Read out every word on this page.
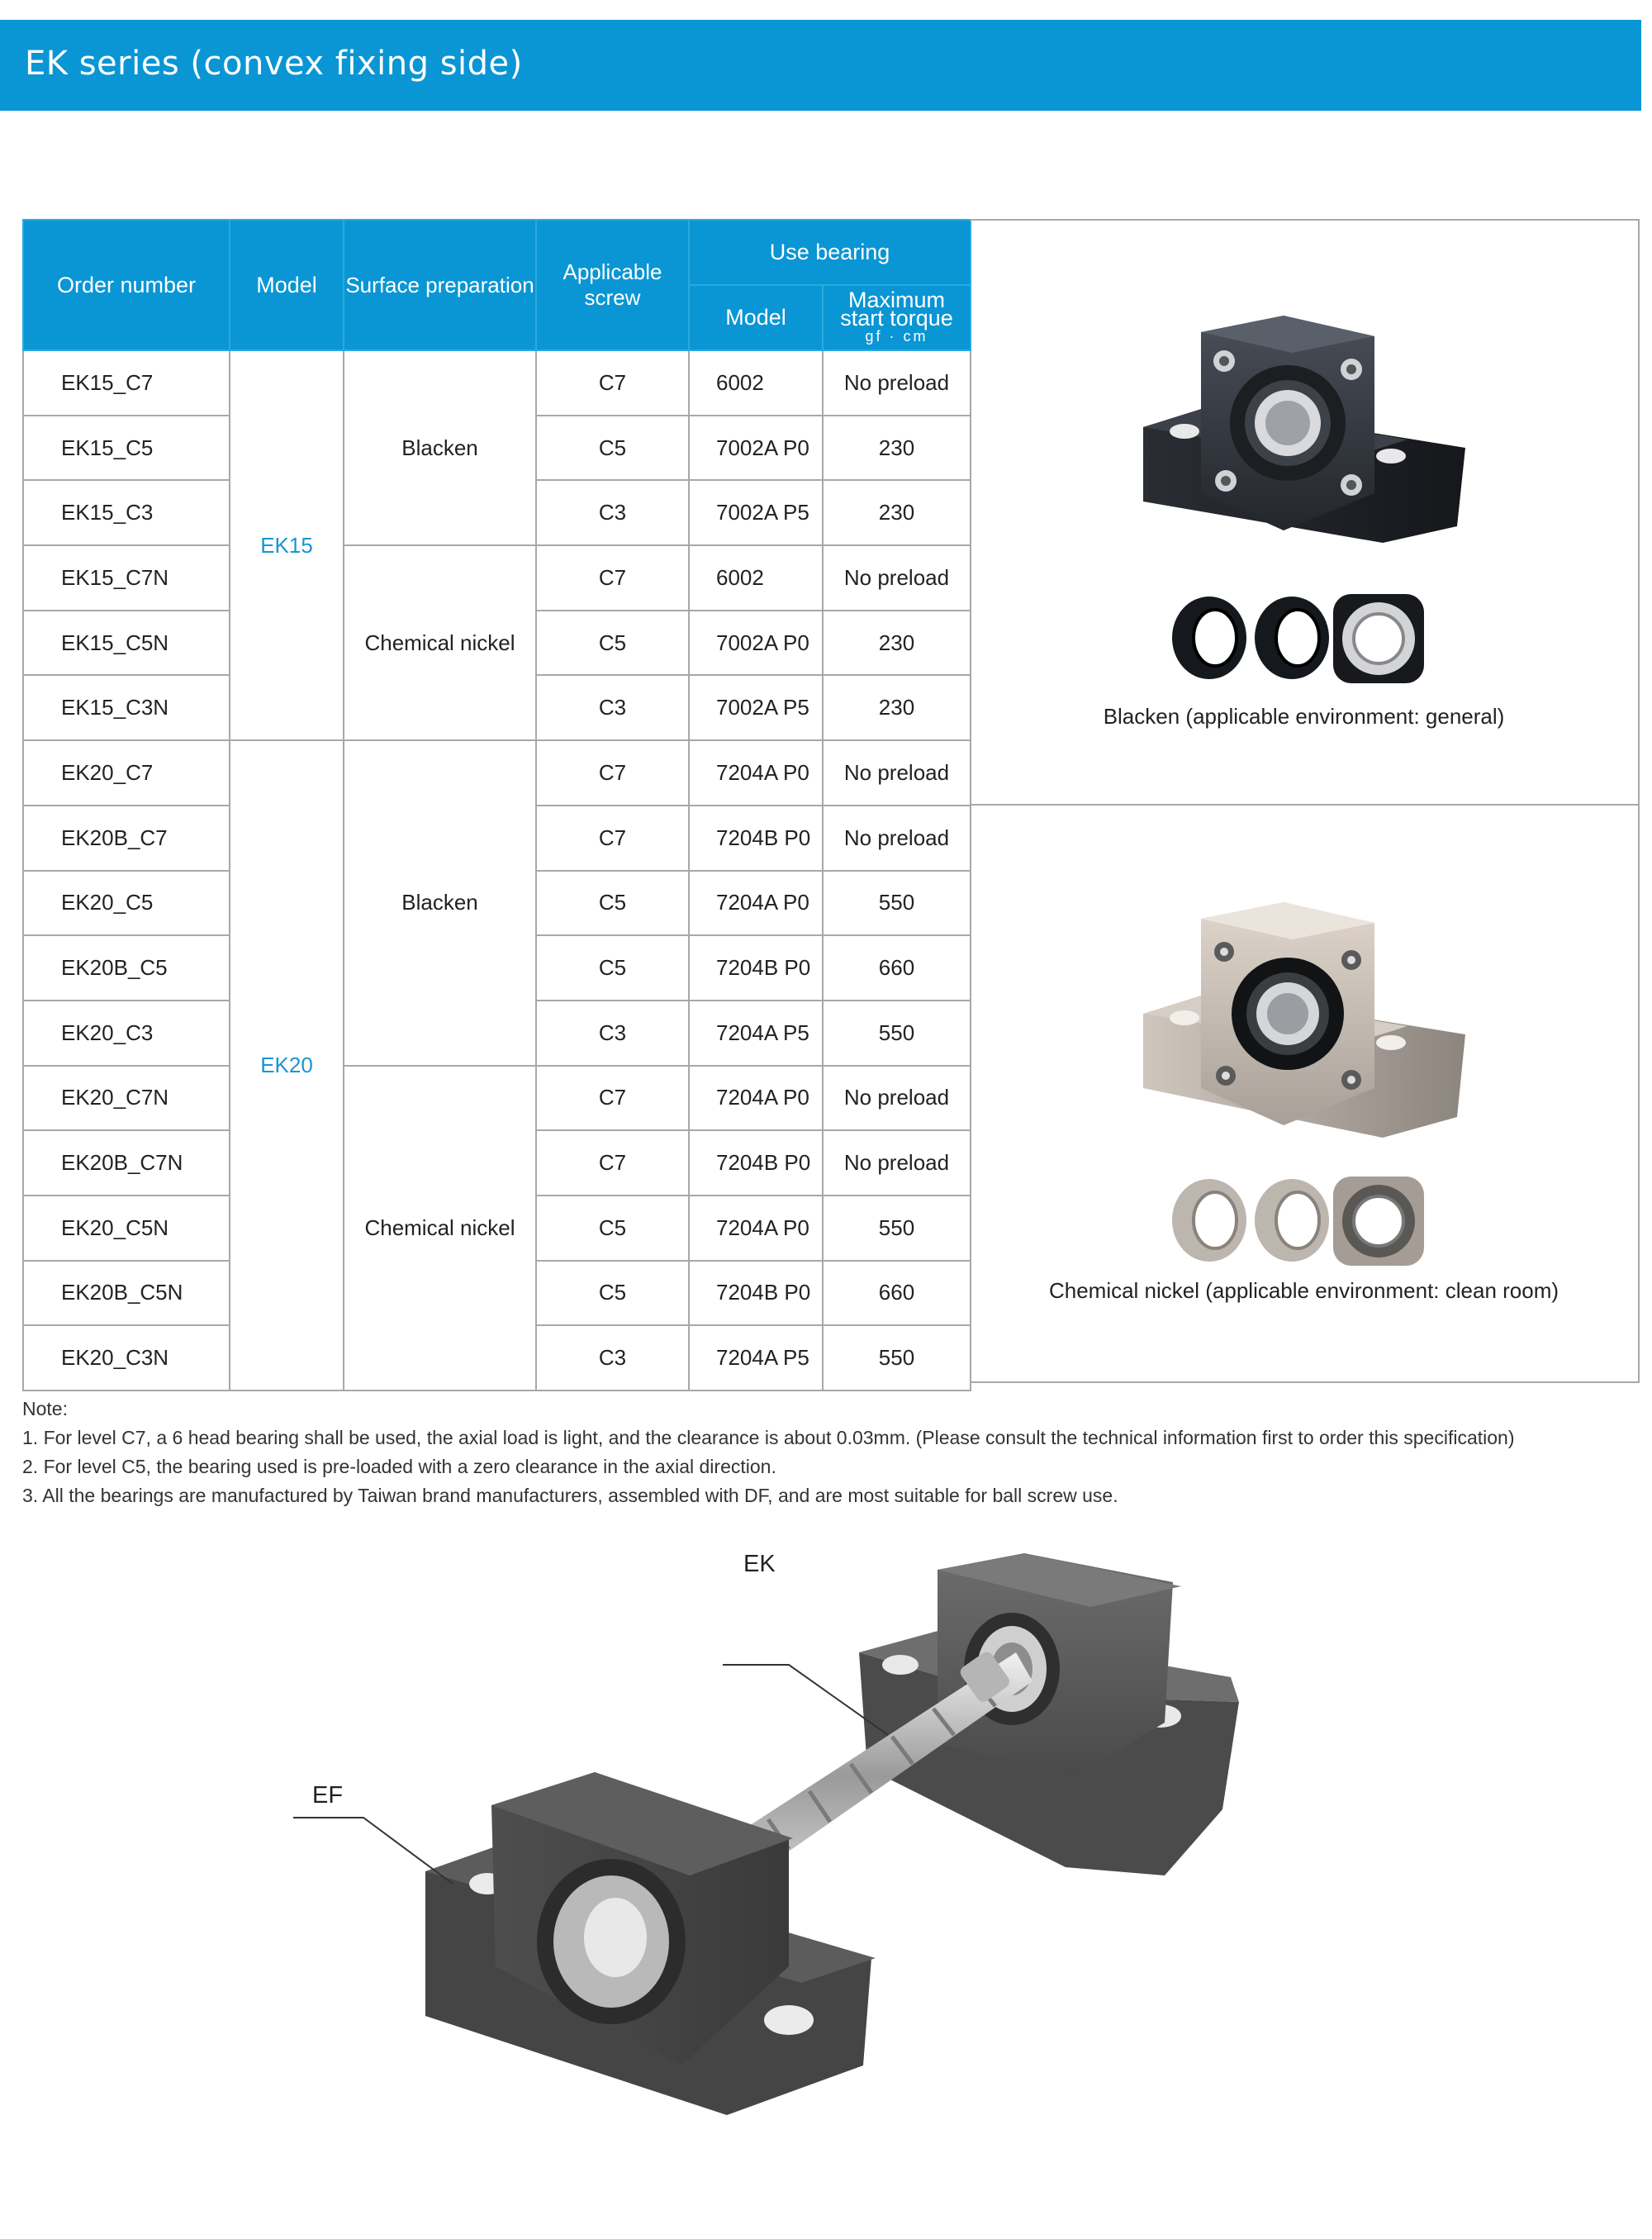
EK series (convex fixing side)
Order number	Model	Surface preparation	Applicable screw	Use bearing	
				Model	Maximum
start torque
gf · cm

EK15_C7	EK15	Blacken	C7	6002	No preload
EK15_C5			C5	7002A P0	230
EK15_C3			C3	7002A P5	230
EK15_C7N		Chemical nickel	C7	6002	No preload
EK15_C5N			C5	7002A P0	230
EK15_C3N			C3	7002A P5	230
EK20_C7	EK20	Blacken	C7	7204A P0	No preload
EK20B_C7			C7	7204B P0	No preload
EK20_C5			C5	7204A P0	550
EK20B_C5			C5	7204B P0	660
EK20_C3			C3	7204A P5	550
EK20_C7N		Chemical nickel	C7	7204A P0	No preload
EK20B_C7N			C7	7204B P0	No preload
EK20_C5N			C5	7204A P0	550
EK20B_C5N			C5	7204B P0	660
EK20_C3N			C3	7204A P5	550
Blacken (applicable environment: general)
Chemical nickel (applicable environment: clean room)
Note:
1. For level C7, a 6 head bearing shall be used, the axial load is light, and the clearance is about 0.03mm. (Please consult the technical information first to order this specification)
2. For level C5, the bearing used is pre-loaded with a zero clearance in the axial direction.
3. All the bearings are manufactured by Taiwan brand manufacturers, assembled with DF, and are most suitable for ball screw use.
EK
EF
